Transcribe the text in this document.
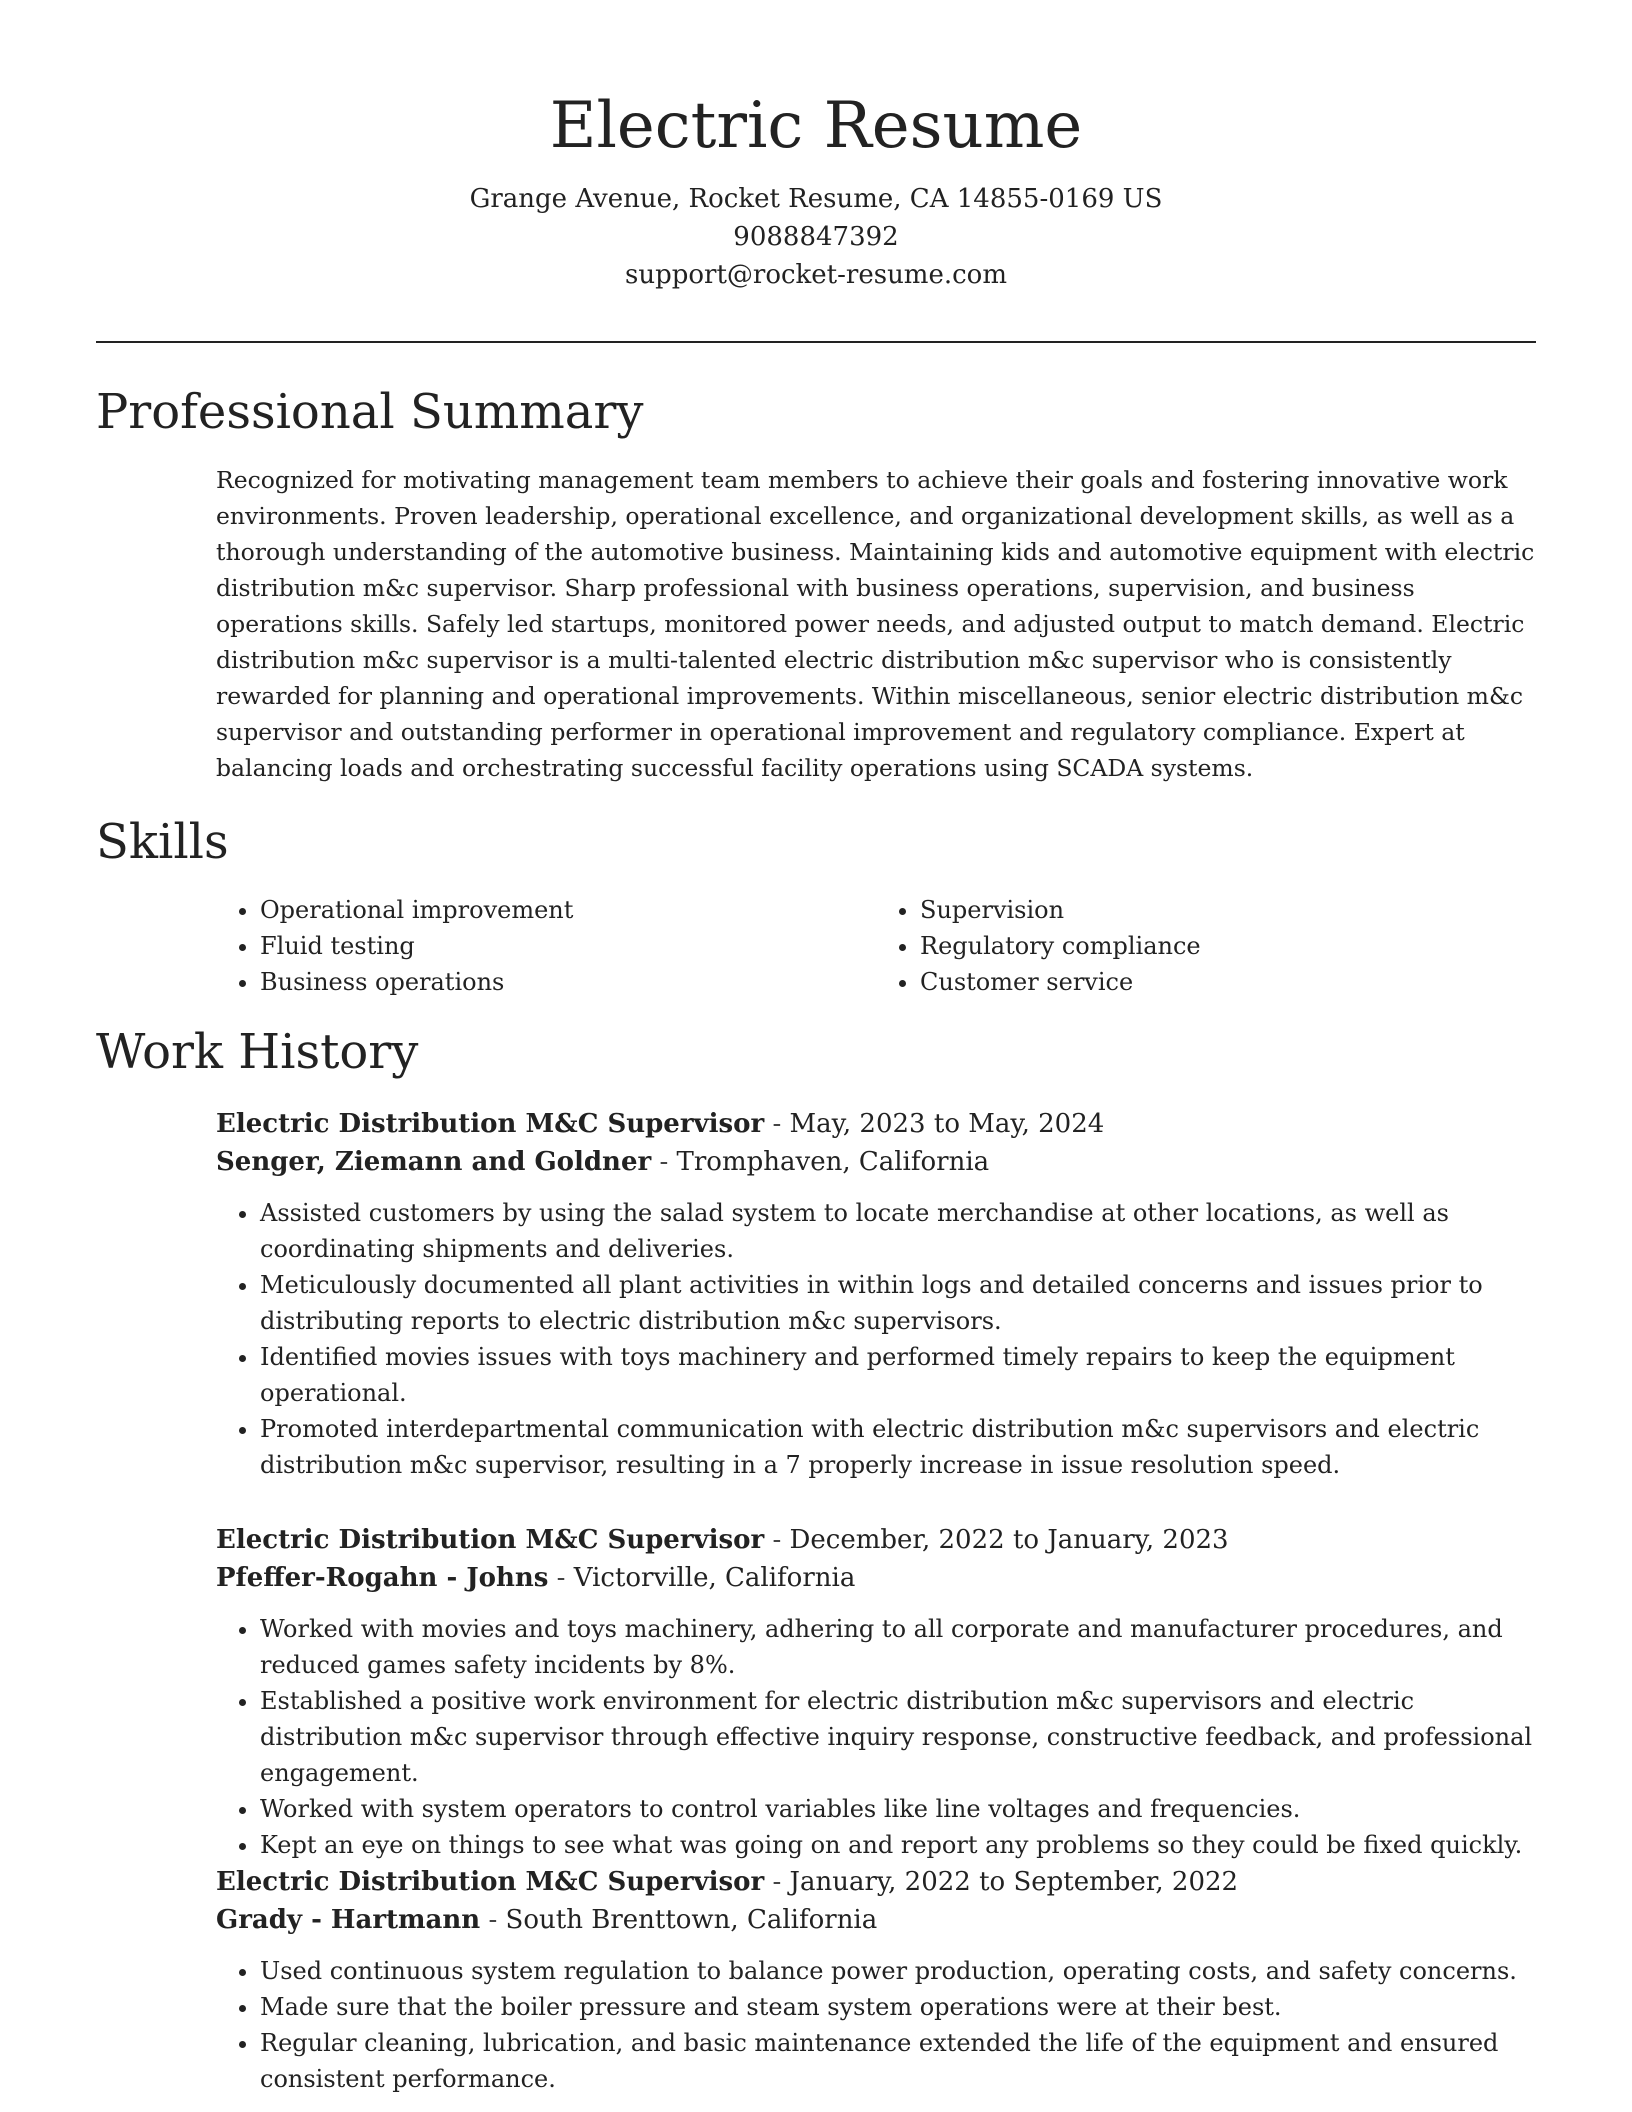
Electric Resume

Grange Avenue, Rocket Resume, CA 14855-0169 US

9088847392

support@rocket-resume.com

Professional Summary

Recognized for motivating management team members to achieve their goals and fostering innovative work environments. Proven leadership, operational excellence, and organizational development skills, as well as a thorough understanding of the automotive business. Maintaining kids and automotive equipment with electric distribution m&c supervisor. Sharp professional with business operations, supervision, and business operations skills. Safely led startups, monitored power needs, and adjusted output to match demand. Electric distribution m&c supervisor is a multi-talented electric distribution m&c supervisor who is consistently rewarded for planning and operational improvements. Within miscellaneous, senior electric distribution m&c supervisor and outstanding performer in operational improvement and regulatory compliance. Expert at balancing loads and orchestrating successful facility operations using SCADA systems.

Skills
• Operational improvement
• Fluid testing
• Business operations
• Supervision
• Regulatory compliance
• Customer service
Work History

Electric Distribution M&C Supervisor - May, 2023 to May, 2024

Senger, Ziemann and Goldner - Tromphaven, California

• Assisted customers by using the salad system to locate merchandise at other locations, as well as coordinating shipments and deliveries.
• Meticulously documented all plant activities in within logs and detailed concerns and issues prior to distributing reports to electric distribution m&c supervisors.
• Identified movies issues with toys machinery and performed timely repairs to keep the equipment operational.
• Promoted interdepartmental communication with electric distribution m&c supervisors and electric distribution m&c supervisor, resulting in a 7 properly increase in issue resolution speed.

Electric Distribution M&C Supervisor - December, 2022 to January, 2023

Pfeffer-Rogahn - Johns - Victorville, California

• Worked with movies and toys machinery, adhering to all corporate and manufacturer procedures, and reduced games safety incidents by 8%.
• Established a positive work environment for electric distribution m&c supervisors and electric distribution m&c supervisor through effective inquiry response, constructive feedback, and professional engagement.
• Worked with system operators to control variables like line voltages and frequencies.
• Kept an eye on things to see what was going on and report any problems so they could be fixed quickly.

Electric Distribution M&C Supervisor - January, 2022 to September, 2022

Grady - Hartmann - South Brenttown, California

• Used continuous system regulation to balance power production, operating costs, and safety concerns.
• Made sure that the boiler pressure and steam system operations were at their best.
• Regular cleaning, lubrication, and basic maintenance extended the life of the equipment and ensured consistent performance.
